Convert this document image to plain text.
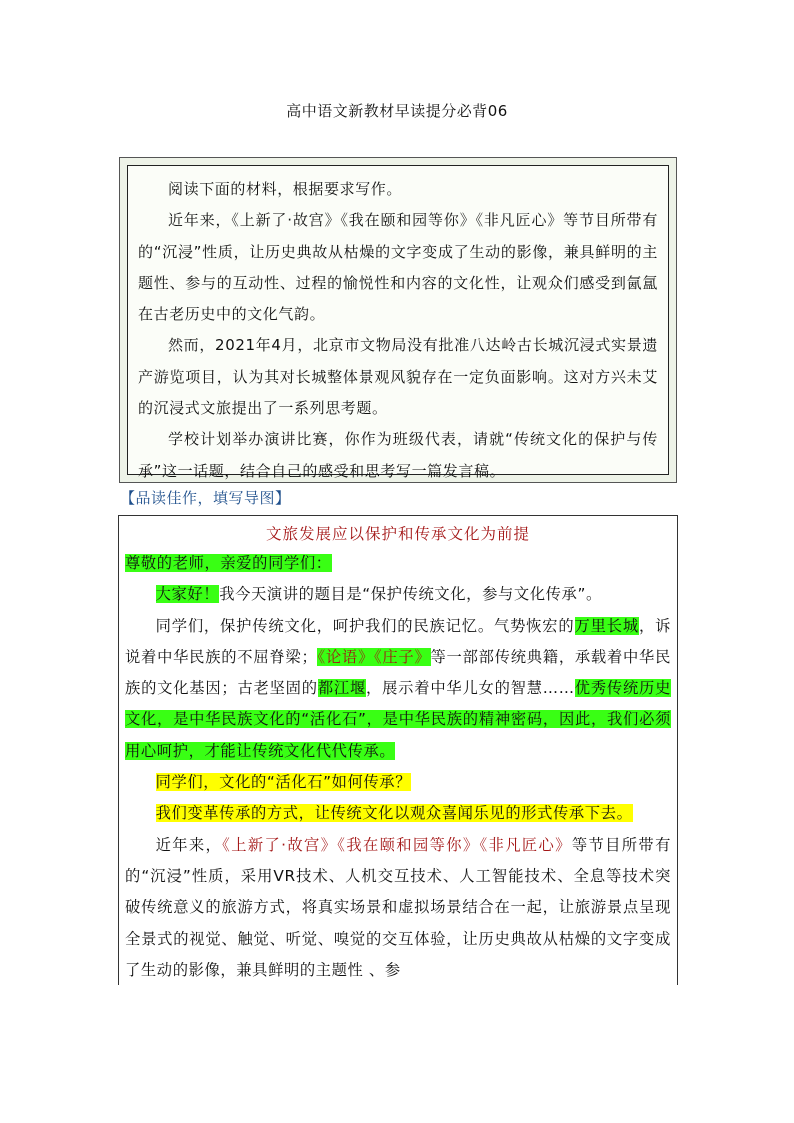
高中语文新教材早读提分必背06

阅读下面的材料，根据要求写作。

近年来，《上新了·故宫》《我在颐和园等你》《非凡匠心》等节目所带有的“沉浸”性质，让历史典故从枯燥的文字变成了生动的影像，兼具鲜明的主题性、参与的互动性、过程的愉悦性和内容的文化性，让观众们感受到氤氲在古老历史中的文化气韵。

然而，2021年4月，北京市文物局没有批准八达岭古长城沉浸式实景遗产游览项目，认为其对长城整体景观风貌存在一定负面影响。这对方兴未艾的沉浸式文旅提出了一系列思考题。

学校计划举办演讲比赛，你作为班级代表，请就“传统文化的保护与传承”这一话题，结合自己的感受和思考写一篇发言稿。

【品读佳作，填写导图】
文旅发展应以保护和传承文化为前提

尊敬的老师，亲爱的同学们：

大家好！我今天演讲的题目是“保护传统文化，参与文化传承”。

同学们，保护传统文化，呵护我们的民族记忆。气势恢宏的万里长城，诉说着中华民族的不屈脊梁；《论语》《庄子》等一部部传统典籍，承载着中华民族的文化基因；古老坚固的都江堰，展示着中华儿女的智慧……优秀传统历史文化，是中华民族文化的“活化石”，是中华民族的精神密码，因此，我们必须用心呵护，才能让传统文化代代传承。

同学们，文化的“活化石”如何传承？

我们变革传承的方式，让传统文化以观众喜闻乐见的形式传承下去。

近年来，《上新了·故宫》《我在颐和园等你》《非凡匠心》等节目所带有的“沉浸”性质，采用VR技术、人机交互技术、人工智能技术、全息等技术突破传统意义的旅游方式，将真实场景和虚拟场景结合在一起，让旅游景点呈现全景式的视觉、触觉、听觉、嗅觉的交互体验，让历史典故从枯燥的文字变成了生动的影像，兼具鲜明的主题性 、参
